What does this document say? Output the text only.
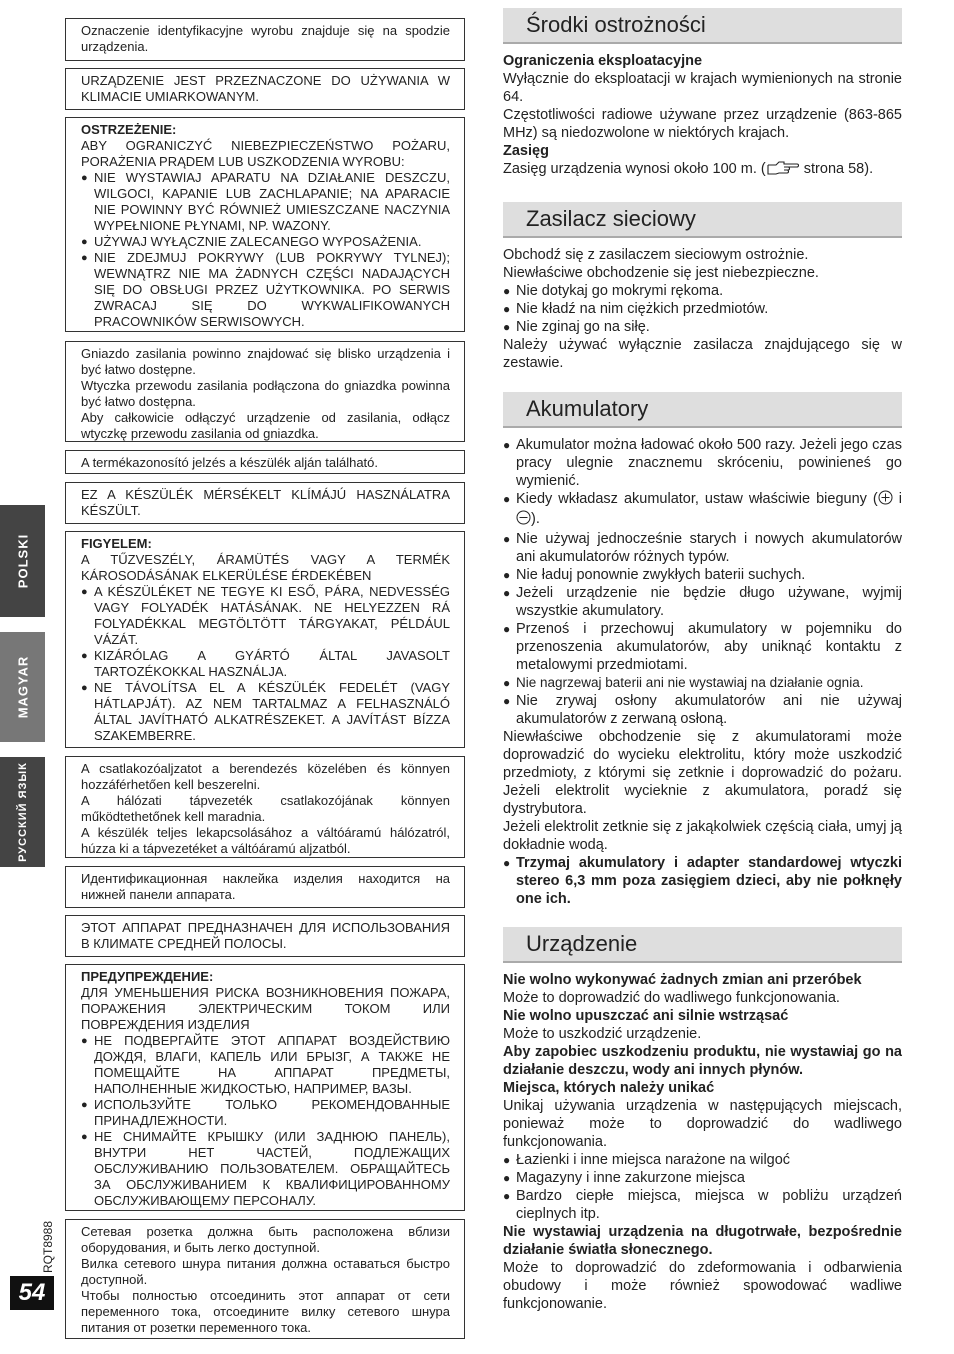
POLSKI
MAGYAR
РУССКИЙ ЯЗЫК
RQT8988
54

Oznaczenie identyfikacyjne wyrobu znajduje się na spodzie urządzenia.

URZĄDZENIE JEST PRZEZNACZONE DO UŻYWANIA W KLIMACIE UMIARKOWANYM.

OSTRZEŻENIE:

ABY OGRANICZYĆ NIEBEZPIECZEŃSTWO POŻARU, PORAŻENIA PRĄDEM LUB USZKODZENIA WYROBU:

● NIE WYSTAWIAJ APARATU NA DZIAŁANIE DESZCZU, WILGOCI, KAPANIE LUB ZACHLAPANIE; NA APARACIE NIE POWINNY BYĆ RÓWNIEŻ UMIESZCZANE NACZYNIA WYPEŁNIONE PŁYNAMI, NP. WAZONY.
● UŻYWAJ WYŁĄCZNIE ZALECANEGO WYPOSAŻENIA.
● NIE ZDEJMUJ POKRYWY (LUB POKRYWY TYLNEJ); WEWNĄTRZ NIE MA ŻADNYCH CZĘŚCI NADAJĄCYCH SIĘ DO OBSŁUGI PRZEZ UŻYTKOWNIKA. PO SERWIS ZWRACAJ SIĘ DO WYKWALIFIKOWANYCH PRACOWNIKÓW SERWISOWYCH.

Gniazdo zasilania powinno znajdować się blisko urządzenia i być łatwo dostępne.

Wtyczka przewodu zasilania podłączona do gniazdka powinna być łatwo dostępna.

Aby całkowicie odłączyć urządzenie od zasilania, odłącz wtyczkę przewodu zasilania od gniazdka.

A termékazonosító jelzés a készülék alján található.

EZ A KÉSZÜLÉK MÉRSÉKELT KLÍMÁJÚ HASZNÁLATRA KÉSZÜLT.

FIGYELEM:

A TŰZVESZÉLY, ÁRAMÜTÉS VAGY A TERMÉK KÁROSODÁSÁNAK ELKERÜLÉSE ÉRDEKÉBEN

● A KÉSZÜLÉKET NE TEGYE KI ESŐ, PÁRA, NEDVESSÉG VAGY FOLYADÉK HATÁSÁNAK. NE HELYEZZEN RÁ FOLYADÉKKAL MEGTÖLTÖTT TÁRGYAKAT, PÉLDÁUL VÁZÁT.
● KIZÁRÓLAG A GYÁRTÓ ÁLTAL JAVASOLT TARTOZÉKOKKAL HASZNÁLJA.
● NE TÁVOLÍTSA EL A KÉSZÜLÉK FEDELÉT (VAGY HÁTLAPJÁT). AZ NEM TARTALMAZ A FELHASZNÁLÓ ÁLTAL JAVÍTHATÓ ALKATRÉSZEKET. A JAVÍTÁST BÍZZA SZAKEMBERRE.

A csatlakozóaljzatot a berendezés közelében és könnyen hozzáférhetően kell beszerelni.

A hálózati tápvezeték csatlakozójának könnyen működtethetőnek kell maradnia.

A készülék teljes lekapcsolásához a váltóáramú hálózatról, húzza ki a tápvezetéket a váltóáramú aljzatból.

Идентификационная наклейка изделия находится на нижней панели аппарата.

ЭТОТ АППАРАТ ПРЕДНАЗНАЧЕН ДЛЯ ИСПОЛЬЗОВАНИЯ В КЛИМАТЕ СРЕДНЕЙ ПОЛОСЫ.

ПРЕДУПРЕЖДЕНИЕ:

ДЛЯ УМЕНЬШЕНИЯ РИСКА ВОЗНИКНОВЕНИЯ ПОЖАРА, ПОРАЖЕНИЯ ЭЛЕКТРИЧЕСКИМ ТОКОМ ИЛИ ПОВРЕЖДЕНИЯ ИЗДЕЛИЯ

● НЕ ПОДВЕРГАЙТЕ ЭТОТ АППАРАТ ВОЗДЕЙСТВИЮ ДОЖДЯ, ВЛАГИ, КАПЕЛЬ ИЛИ БРЫЗГ, А ТАКЖЕ НЕ ПОМЕЩАЙТЕ НА АППАРАТ ПРЕДМЕТЫ, НАПОЛНЕННЫЕ ЖИДКОСТЬЮ, НАПРИМЕР, ВАЗЫ.
● ИСПОЛЬЗУЙТЕ ТОЛЬКО РЕКОМЕНДОВАННЫЕ ПРИНАДЛЕЖНОСТИ.
● НЕ СНИМАЙТЕ КРЫШКУ (ИЛИ ЗАДНЮЮ ПАНЕЛЬ), ВНУТРИ НЕТ ЧАСТЕЙ, ПОДЛЕЖАЩИХ ОБСЛУЖИВАНИЮ ПОЛЬЗОВАТЕЛЕМ. ОБРАЩАЙТЕСЬ ЗА ОБСЛУЖИВАНИЕМ К КВАЛИФИЦИРОВАННОМУ ОБСЛУЖИВАЮЩЕМУ ПЕРСОНАЛУ.

Сетевая розетка должна быть расположена вблизи оборудования, и быть легко доступной.

Вилка сетевого шнура питания должна оставаться быстро доступной.

Чтобы полностью отсоединить этот аппарат от сети переменного тока, отсоедините вилку сетевого шнура питания от розетки переменного тока.

Środki ostrożności

Ograniczenia eksploatacyjne

Wyłącznie do eksploatacji w krajach wymienionych na stronie 64.

Częstotliwości radiowe używane przez urządzenie (863-865 MHz) są niedozwolone w niektórych krajach.

Zasięg

Zasięg urządzenia wynosi około 100 m. ( strona 58).

Zasilacz sieciowy

Obchodź się z zasilaczem sieciowym ostrożnie.

Niewłaściwe obchodzenie się jest niebezpieczne.

● Nie dotykaj go mokrymi rękoma.
● Nie kładź na nim ciężkich przedmiotów.
● Nie zginaj go na siłę.

Należy używać wyłącznie zasilacza znajdującego się w zestawie.

Akumulatory
● Akumulator można ładować około 500 razy. Jeżeli jego czas pracy ulegnie znacznemu skróceniu, powinieneś go wymienić.
● Kiedy wkładasz akumulator, ustaw właściwie bieguny ( i ).
● Nie używaj jednocześnie starych i nowych akumulatorów ani akumulatorów różnych typów.
● Nie ładuj ponownie zwykłych baterii suchych.
● Jeżeli urządzenie nie będzie długo używane, wyjmij wszystkie akumulatory.
● Przenoś i przechowuj akumulatory w pojemniku do przenoszenia akumulatorów, aby uniknąć kontaktu z metalowymi przedmiotami.
● Nie nagrzewaj baterii ani nie wystawiaj na działanie ognia.
● Nie zrywaj osłony akumulatorów ani nie używaj akumulatorów z zerwaną osłoną.

Niewłaściwe obchodzenie się z akumulatorami może doprowadzić do wycieku elektrolitu, który może uszkodzić przedmioty, z którymi się zetknie i doprowadzić do pożaru. Jeżeli elektrolit wycieknie z akumulatora, poradź się dystrybutora.

Jeżeli elektrolit zetknie się z jakąkolwiek częścią ciała, umyj ją dokładnie wodą.

● Trzymaj akumulatory i adapter standardowej wtyczki stereo 6,3 mm poza zasięgiem dzieci, aby nie połknęły one ich.
Urządzenie

Nie wolno wykonywać żadnych zmian ani przeróbek

Może to doprowadzić do wadliwego funkcjonowania.

Nie wolno upuszczać ani silnie wstrząsać

Może to uszkodzić urządzenie.

Aby zapobiec uszkodzeniu produktu, nie wystawiaj go na działanie deszczu, wody ani innych płynów.

Miejsca, których należy unikać

Unikaj używania urządzenia w następujących miejscach, ponieważ może to doprowadzić do wadliwego funkcjonowania.

● Łazienki i inne miejsca narażone na wilgoć
● Magazyny i inne zakurzone miejsca
● Bardzo ciepłe miejsca, miejsca w pobliżu urządzeń cieplnych itp.

Nie wystawiaj urządzenia na długotrwałe, bezpośrednie działanie światła słonecznego.

Może to doprowadzić do zdeformowania i odbarwienia obudowy i może również spowodować wadliwe funkcjonowanie.
